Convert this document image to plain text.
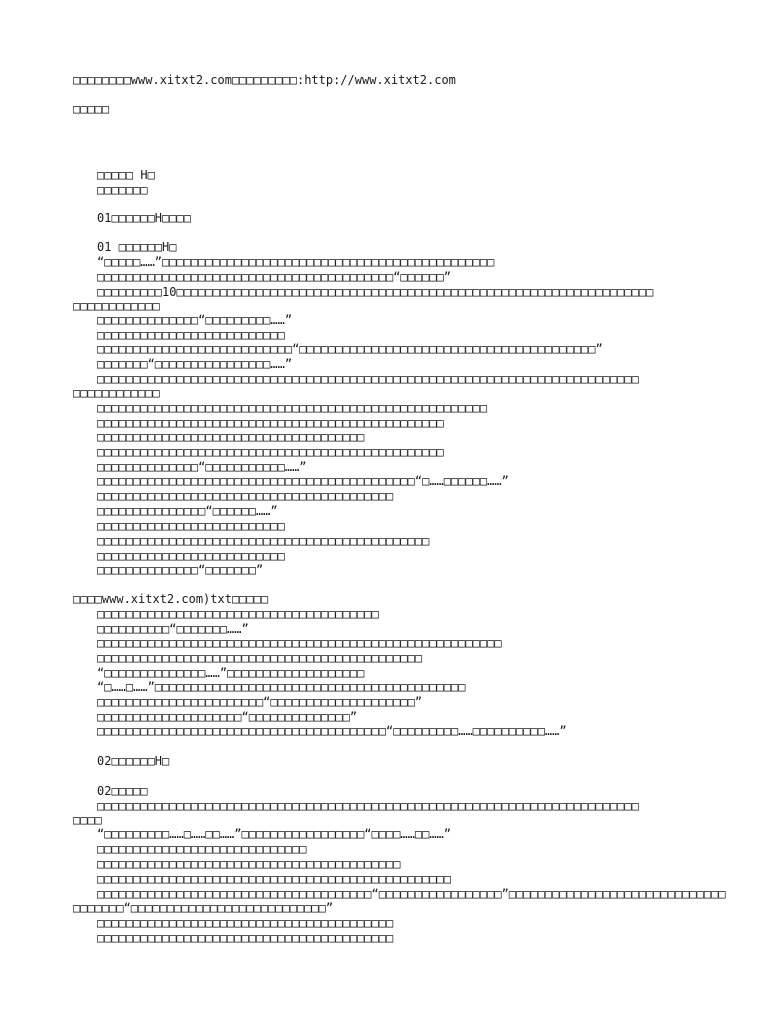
□□□□□□□□www.xitxt2.com□□□□□□□□□:http://www.xitxt2.com
□□□□□
□□□□□ H□
□□□□□□□
01□□□□□□H□□□□
01 □□□□□□H□
“□□□□□……”□□□□□□□□□□□□□□□□□□□□□□□□□□□□□□□□□□□□□□□□□□□□□□
□□□□□□□□□□□□□□□□□□□□□□□□□□□□□□□□□□□□□□□□□“□□□□□□”
□□□□□□□□□10□□□□□□□□□□□□□□□□□□□□□□□□□□□□□□□□□□□□□□□□□□□□□□□□□□□□□□□□□□□□□□□□□□
□□□□□□□□□□□□
□□□□□□□□□□□□□□“□□□□□□□□□……”
□□□□□□□□□□□□□□□□□□□□□□□□□□
□□□□□□□□□□□□□□□□□□□□□□□□□□□“□□□□□□□□□□□□□□□□□□□□□□□□□□□□□□□□□□□□□□□□□”
□□□□□□□“□□□□□□□□□□□□□□□□……”
□□□□□□□□□□□□□□□□□□□□□□□□□□□□□□□□□□□□□□□□□□□□□□□□□□□□□□□□□□□□□□□□□□□□□□□□□□□
□□□□□□□□□□□□
□□□□□□□□□□□□□□□□□□□□□□□□□□□□□□□□□□□□□□□□□□□□□□□□□□□□□□
□□□□□□□□□□□□□□□□□□□□□□□□□□□□□□□□□□□□□□□□□□□□□□□□
□□□□□□□□□□□□□□□□□□□□□□□□□□□□□□□□□□□□□
□□□□□□□□□□□□□□□□□□□□□□□□□□□□□□□□□□□□□□□□□□□□□□□□
□□□□□□□□□□□□□□“□□□□□□□□□□□……”
□□□□□□□□□□□□□□□□□□□□□□□□□□□□□□□□□□□□□□□□□□□□“□……□□□□□□……”
□□□□□□□□□□□□□□□□□□□□□□□□□□□□□□□□□□□□□□□□□
□□□□□□□□□□□□□□□“□□□□□□……”
□□□□□□□□□□□□□□□□□□□□□□□□□□
□□□□□□□□□□□□□□□□□□□□□□□□□□□□□□□□□□□□□□□□□□□□□□
□□□□□□□□□□□□□□□□□□□□□□□□□□
□□□□□□□□□□□□□□“□□□□□□□”
□□□□www.xitxt2.com)txt□□□□□
□□□□□□□□□□□□□□□□□□□□□□□□□□□□□□□□□□□□□□□
□□□□□□□□□□“□□□□□□□……”
□□□□□□□□□□□□□□□□□□□□□□□□□□□□□□□□□□□□□□□□□□□□□□□□□□□□□□□□
□□□□□□□□□□□□□□□□□□□□□□□□□□□□□□□□□□□□□□□□□□□□□
“□□□□□□□□□□□□□□……”□□□□□□□□□□□□□□□□□□□
“□……□……”□□□□□□□□□□□□□□□□□□□□□□□□□□□□□□□□□□□□□□□□□□□
□□□□□□□□□□□□□□□□□□□□□□□“□□□□□□□□□□□□□□□□□□□□”
□□□□□□□□□□□□□□□□□□□□“□□□□□□□□□□□□□□”
□□□□□□□□□□□□□□□□□□□□□□□□□□□□□□□□□□□□□□□□“□□□□□□□□□……□□□□□□□□□□……”
02□□□□□□H□
02□□□□□
□□□□□□□□□□□□□□□□□□□□□□□□□□□□□□□□□□□□□□□□□□□□□□□□□□□□□□□□□□□□□□□□□□□□□□□□□□□
□□□□
“□□□□□□□□□……□……□□……”□□□□□□□□□□□□□□□□□“□□□□……□□……”
□□□□□□□□□□□□□□□□□□□□□□□□□□□□□
□□□□□□□□□□□□□□□□□□□□□□□□□□□□□□□□□□□□□□□□□□
□□□□□□□□□□□□□□□□□□□□□□□□□□□□□□□□□□□□□□□□□□□□□□□□□
□□□□□□□□□□□□□□□□□□□□□□□□□□□□□□□□□□□□□□“□□□□□□□□□□□□□□□□□”□□□□□□□□□□□□□□□□□□□□□□□□□□□□□□
□□□□□□□“□□□□□□□□□□□□□□□□□□□□□□□□□□□”
□□□□□□□□□□□□□□□□□□□□□□□□□□□□□□□□□□□□□□□□□
□□□□□□□□□□□□□□□□□□□□□□□□□□□□□□□□□□□□□□□□□
